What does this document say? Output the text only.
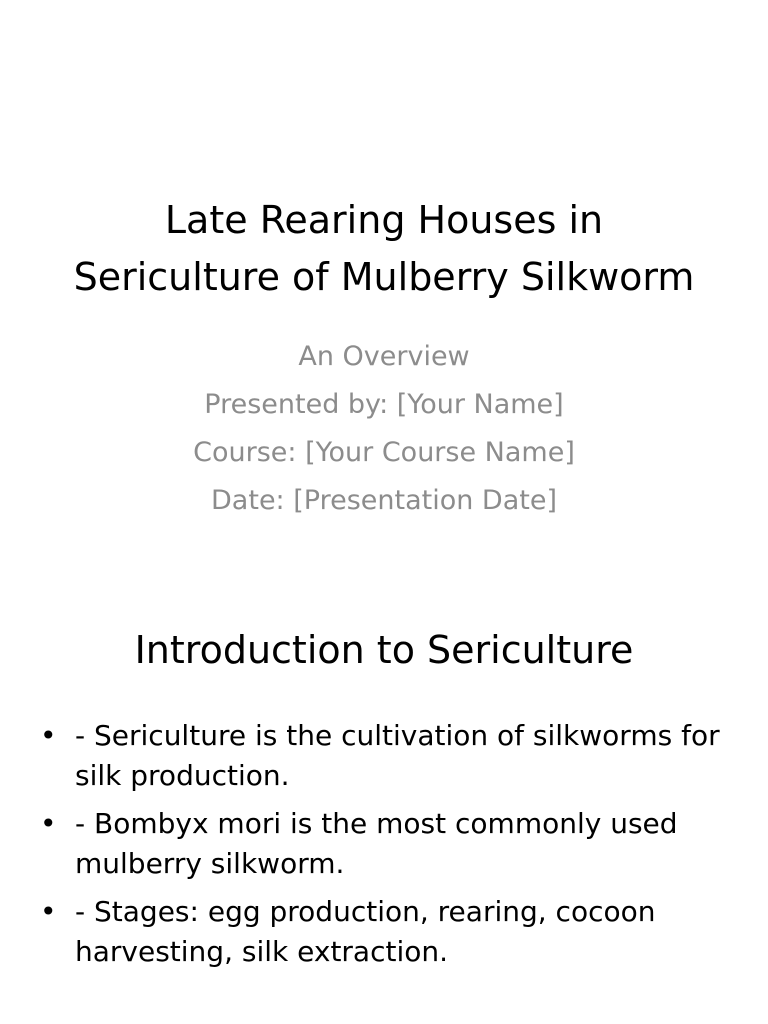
Late Rearing Houses in
Sericulture of Mulberry Silkworm
An Overview
Presented by: [Your Name]
Course: [Your Course Name]
Date: [Presentation Date]
Introduction to Sericulture
• - Sericulture is the cultivation of silkworms for silk production.
• - Bombyx mori is the most commonly used mulberry silkworm.
• - Stages: egg production, rearing, cocoon harvesting, silk extraction.
